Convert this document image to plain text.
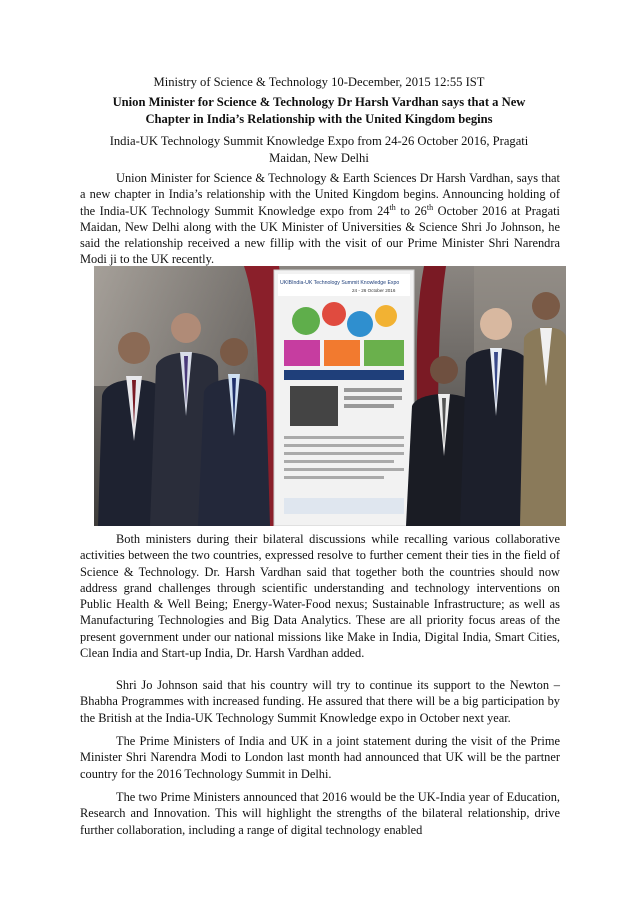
Ministry of Science & Technology 10-December, 2015 12:55 IST
Union Minister for Science & Technology Dr Harsh Vardhan says that a New
Chapter in India’s Relationship with the United Kingdom begins
India-UK Technology Summit Knowledge Expo from 24-26 October 2016, Pragati
Maidan, New Delhi

Union Minister for Science & Technology & Earth Sciences Dr Harsh Vardhan, says that a new chapter in India’s relationship with the United Kingdom begins. Announcing holding of the India-UK Technology Summit Knowledge expo from 24th to 26th October 2016 at Pragati Maidan, New Delhi along with the UK Minister of Universities & Science Shri Jo Johnson, he said the relationship received a new fillip with the visit of our Prime Minister Shri Narendra Modi ji to the UK recently.

UKIBIndia-UK Technology Summit Knowledge Expo
24 - 26 October 2016

Both ministers during their bilateral discussions while recalling various collaborative activities between the two countries, expressed resolve to further cement their ties in the field of Science & Technology. Dr. Harsh Vardhan said that together both the countries should now address grand challenges through scientific understanding and technology interventions on Public Health & Well Being; Energy-Water-Food nexus; Sustainable Infrastructure; as well as Manufacturing Technologies and Big Data Analytics. These are all priority focus areas of the present government under our national missions like Make in India, Digital India, Smart Cities, Clean India and Start-up India, Dr. Harsh Vardhan added.

Shri Jo Johnson said that his country will try to continue its support to the Newton – Bhabha Programmes with increased funding. He assured that there will be a big participation by the British at the India-UK Technology Summit Knowledge expo in October next year.

The Prime Ministers of India and UK in a joint statement during the visit of the Prime Minister Shri Narendra Modi to London last month had announced that UK will be the partner country for the 2016 Technology Summit in Delhi.

The two Prime Ministers announced that 2016 would be the UK-India year of Education, Research and Innovation. This will highlight the strengths of the bilateral relationship, drive further collaboration, including a range of digital technology enabled
